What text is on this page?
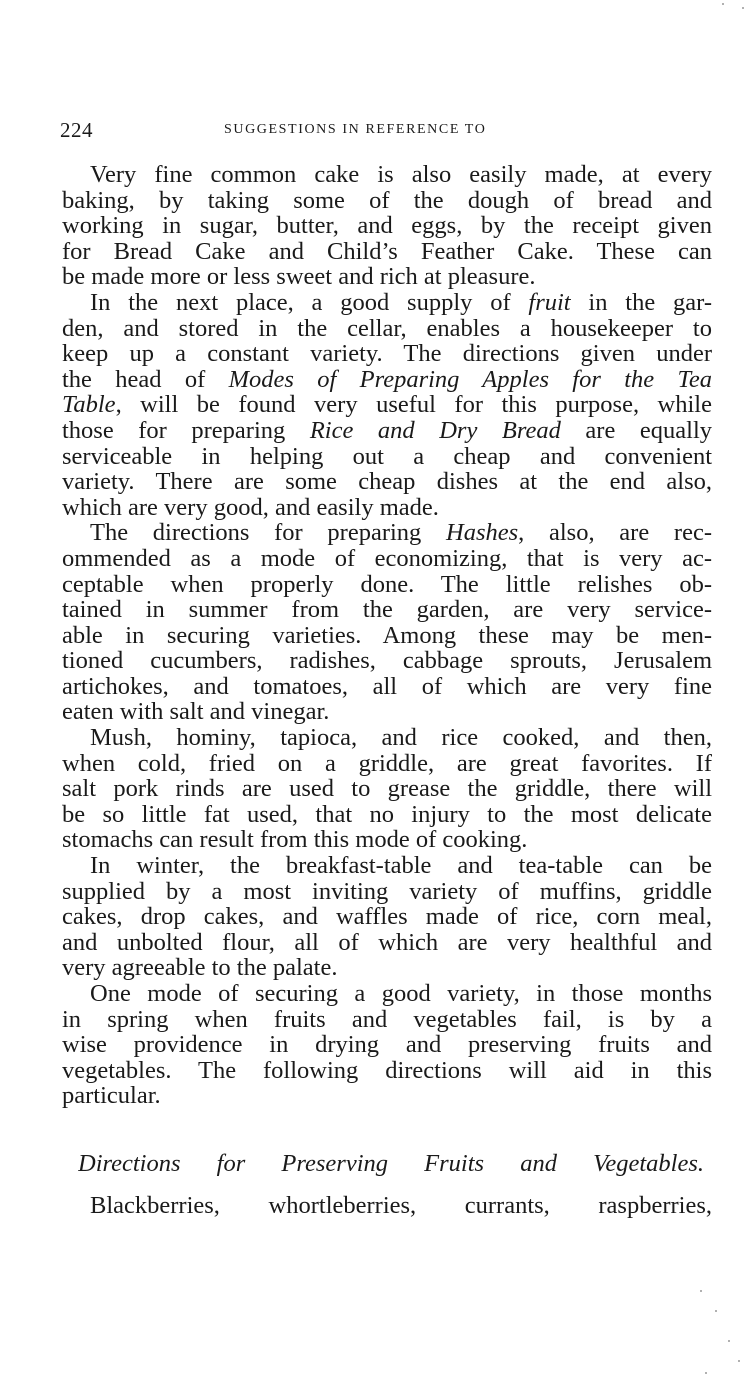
224	SUGGESTIONS IN REFERENCE TO
Very fine common cake is also easily made, at every
baking, by taking some of the dough of bread and
working in sugar, butter, and eggs, by the receipt given
for Bread Cake and Child’s Feather Cake. These can
be made more or less sweet and rich at pleasure.
In the next place, a good supply of fruit in the gar-
den, and stored in the cellar, enables a housekeeper to
keep up a constant variety. The directions given under
the head of Modes of Preparing Apples for the Tea
Table, will be found very useful for this purpose, while
those for preparing Rice and Dry Bread are equally
serviceable in helping out a cheap and convenient
variety. There are some cheap dishes at the end also,
which are very good, and easily made.
The directions for preparing Hashes, also, are rec-
ommended as a mode of economizing, that is very ac-
ceptable when properly done. The little relishes ob-
tained in summer from the garden, are very service-
able in securing varieties. Among these may be men-
tioned cucumbers, radishes, cabbage sprouts, Jerusalem
artichokes, and tomatoes, all of which are very fine
eaten with salt and vinegar.
Mush, hominy, tapioca, and rice cooked, and then,
when cold, fried on a griddle, are great favorites. If
salt pork rinds are used to grease the griddle, there will
be so little fat used, that no injury to the most delicate
stomachs can result from this mode of cooking.
In winter, the breakfast-table and tea-table can be
supplied by a most inviting variety of muffins, griddle
cakes, drop cakes, and waffles made of rice, corn meal,
and unbolted flour, all of which are very healthful and
very agreeable to the palate.
One mode of securing a good variety, in those months
in spring when fruits and vegetables fail, is by a
wise providence in drying and preserving fruits and
vegetables. The following directions will aid in this
particular.
Directions for Preserving Fruits and Vegetables.
Blackberries, whortleberries, currants, raspberries,
